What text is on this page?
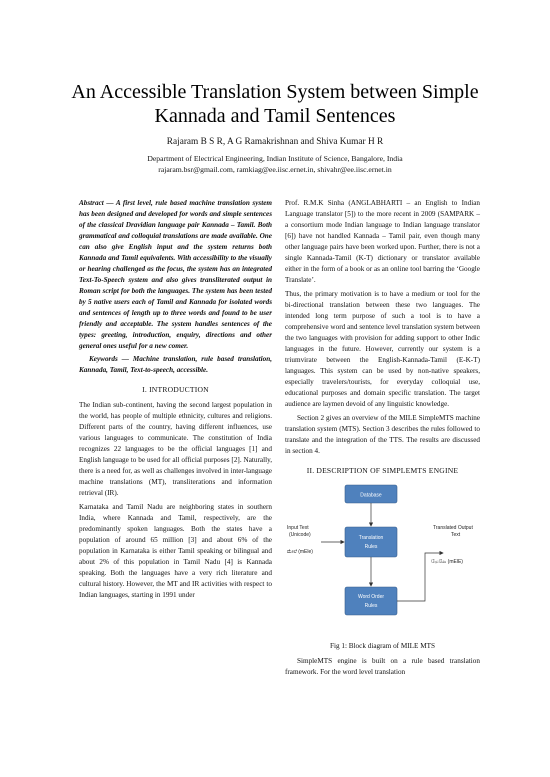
An Accessible Translation System between Simple Kannada and Tamil Sentences
Rajaram B S R, A G Ramakrishnan and Shiva Kumar H R
Department of Electrical Engineering, Indian Institute of Science, Bangalore, India
rajaram.bsr@gmail.com, ramkiag@ee.iisc.ernet.in, shivahr@ee.iisc.ernet.in

Abstract — A first level, rule based machine translation system has been designed and developed for words and simple sentences of the classical Dravidian language pair Kannada – Tamil. Both grammatical and colloquial translations are made available. One can also give English input and the system returns both Kannada and Tamil equivalents. With accessibility to the visually or hearing challenged as the focus, the system has an integrated Text-To-Speech system and also gives transliterated output in Roman script for both the languages. The system has been tested by 5 native users each of Tamil and Kannada for isolated words and sentences of length up to three words and found to be user friendly and acceptable. The system handles sentences of the types: greeting, introduction, enquiry, directions and other general ones useful for a new comer.

Keywords — Machine translation, rule based translation, Kannada, Tamil, Text-to-speech, accessible.

I. INTRODUCTION

The Indian sub-continent, having the second largest population in the world, has people of multiple ethnicity, cultures and religions. Different parts of the country, having different influences, use various languages to communicate. The constitution of India recognizes 22 languages to be the official languages [1] and English language to be used for all official purposes [2]. Naturally, there is a need for, as well as challenges involved in inter-language machine translations (MT), transliterations and information retrieval (IR).

Karnataka and Tamil Nadu are neighboring states in southern India, where Kannada and Tamil, respectively, are the predominantly spoken languages. Both the states have a population of around 65 million [3] and about 6% of the population in Karnataka is either Tamil speaking or bilingual and about 2% of this population in Tamil Nadu [4] is Kannada speaking. Both the languages have a very rich literature and cultural history. However, the MT and IR activities with respect to Indian languages, starting in 1991 under

Prof. R.M.K Sinha (ANGLABHARTI – an English to Indian Language translator [5]) to the more recent in 2009 (SAMPARK – a consortium mode Indian language to Indian language translator [6]) have not handled Kannada – Tamil pair, even though many other language pairs have been worked upon. Further, there is not a single Kannada-Tamil (K-T) dictionary or translator available either in the form of a book or as an online tool barring the ‘Google Translate’.

Thus, the primary motivation is to have a medium or tool for the bi-directional translation between these two languages. The intended long term purpose of such a tool is to have a comprehensive word and sentence level translation system between the two languages with provision for adding support to other Indic languages in the future. However, currently our system is a triumvirate between the English-Kannada-Tamil (E-K-T) languages. This system can be used by non-native speakers, especially travelers/tourists, for everyday colloquial use, educational purposes and domain specific translation. The target audience are laymen devoid of any linguistic knowledge.

Section 2 gives an overview of the MILE SimpleMTS machine translation system (MTS). Section 3 describes the rules followed to translate and the integration of the TTS. The results are discussed in section 4.

II. DESCRIPTION OF SIMPLEMTS ENGINE

Database
Translation
Rules
Word Order
Rules
Input Text
(Unicode)
ಮೇಲೆ (mEle)
Translated Output
Text
மேலே (mElE)

Fig 1: Block diagram of MILE MTS

SimpleMTS engine is built on a rule based translation framework. For the word level translation
